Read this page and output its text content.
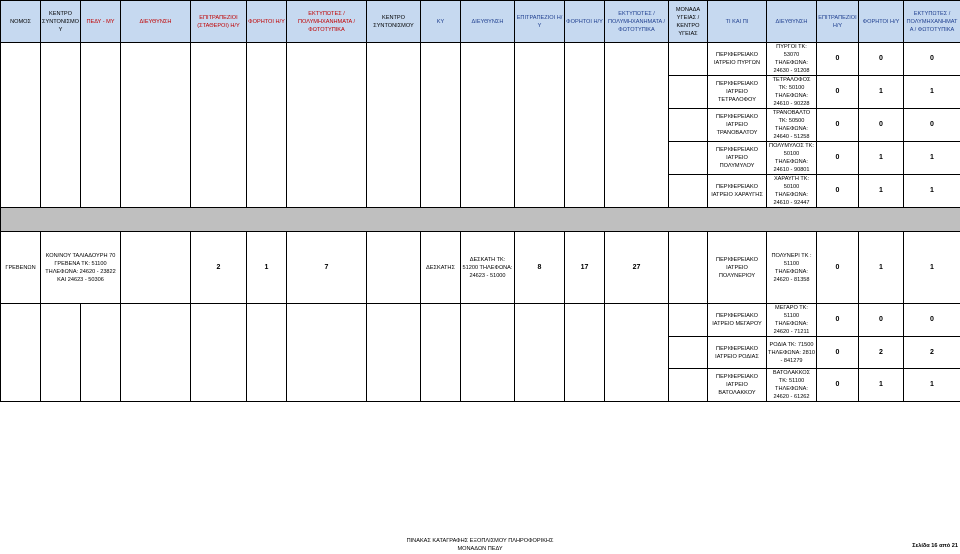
ΝΟΜΟΣ	ΚΕΝΤΡΟ ΣΥΝΤΟΝΙΣΜΟΥ	ΠΕΔΥ - ΜΥ	ΔΙΕΥΘΥΝΣΗ	ΕΠΙΤΡΑΠΕΖΙΟΙ (ΣΤΑΘΕΡΟΙ) Η/Υ	ΦΟΡΗΤΟΙ Η/Υ	ΕΚΤΥΠΩΤΕΣ / ΠΟΛΥΜΗΧΑΝΗΜΑΤΑ / ΦΩΤΟΤΥΠΙΚΑ	ΚΕΝΤΡΟ ΣΥΝΤΟΝΙΣΜΟΥ	ΚΥ	ΔΙΕΥΘΥΝΣΗ	ΕΠΙΤΡΑΠΕΖΙΟΙ Η/Υ	ΦΟΡΗΤΟΙ Η/Υ	ΕΚΤΥΠΩΤΕΣ / ΠΟΛΥΜΗΧΑΝΗΜΑΤΑ / ΦΩΤΟΤΥΠΙΚΑ	ΜΟΝΑΔΑ ΥΓΕΙΑΣ / ΚΕΝΤΡΟ ΥΓΕΙΑΣ	ΤΙ ΚΑΙ ΠΙ	ΔΙΕΥΘΥΝΣΗ	ΕΠΙΤΡΑΠΕΖΙΟΙ Η/Υ	ΦΟΡΗΤΟΙ Η/Υ	ΕΚΤΥΠΩΤΕΣ / ΠΟΛΥΜΗΧΑΝΗΜΑΤΑ / ΦΩΤΟΤΥΠΙΚΑ
														ΠΕΡΙΦΕΡΕΙΑΚΟ ΙΑΤΡΕΙΟ ΠΥΡΓΩΝ	ΠΥΡΓΟΙ ΤΚ: 53070 ΤΗΛΕΦΩΝΑ: 24630 - 91208	0	0	0
														ΠΕΡΙΦΕΡΕΙΑΚΟ ΙΑΤΡΕΙΟ ΤΕΤΡΑΛΟΦΟΥ	ΤΕΤΡΑΛΟΦΟΣ ΤΚ: 50100 ΤΗΛΕΦΩΝΑ: 24610 - 90228	0	1	1
														ΠΕΡΙΦΕΡΕΙΑΚΟ ΙΑΤΡΕΙΟ ΤΡΑΝΟΒΑΛΤΟΥ	ΤΡΑΝΟΒΑΛΤΟ ΤΚ: 50500 ΤΗΛΕΦΩΝΑ: 24640 - 51258	0	0	0
														ΠΕΡΙΦΕΡΕΙΑΚΟ ΙΑΤΡΕΙΟ ΠΟΛΥΜΥΛΟΥ	ΠΟΛΥΜΥΛΟΣ ΤΚ: 50100 ΤΗΛΕΦΩΝΑ: 24610 - 90801	0	1	1
														ΠΕΡΙΦΕΡΕΙΑΚΟ ΙΑΤΡΕΙΟ ΧΑΡΑΥΓΗΣ	ΧΑΡΑΥΓΗ ΤΚ: 50100 ΤΗΛΕΦΩΝΑ: 24610 - 92447	0	1	1

ΓΡΕΒΕΝΩΝ	ΚΟΝ/ΝΟΥ ΤΑΛΙΑΔΟΥΡΗ 70 ΓΡΕΒΕΝΑ ΤΚ: 51100 ΤΗΛΕΦΩΝΑ: 24620 - 23822 ΚΑΙ 24623 - 50306			2	1	7		ΔΕΣΚΑΤΗΣ	ΔΕΣΚΑΤΗ ΤΚ: 51200 ΤΗΛΕΦΩΝΑ: 24623 - 51000	8	17	27		ΠΕΡΙΦΕΡΕΙΑΚΟ ΙΑΤΡΕΙΟ ΠΟΛΥΝΕΡΙΟΥ	ΠΟΛΥΝΕΡΙ ΤΚ : 51100 ΤΗΛΕΦΩΝΑ: 24620 - 81358	0	1	1
														ΠΕΡΙΦΕΡΕΙΑΚΟ ΙΑΤΡΕΙΟ ΜΕΓΑΡΟΥ	ΜΕΓΑΡΟ ΤΚ: 51100 ΤΗΛΕΦΩΝΑ: 24620 - 71211	0	0	0
														ΠΕΡΙΦΕΡΕΙΑΚΟ ΙΑΤΡΕΙΟ ΡΟΔΙΑΣ	ΡΟΔΙΑ ΤΚ: 71500 ΤΗΛΕΦΩΝΑ: 2810 - 841279	0	2	2
														ΠΕΡΙΦΕΡΕΙΑΚΟ ΙΑΤΡΕΙΟ ΒΑΤΟΛΑΚΚΟΥ	ΒΑΤΟΛΑΚΚΟΣ ΤΚ: 51100 ΤΗΛΕΦΩΝΑ: 24620 - 61262	0	1	1
ΠΙΝΑΚΑΣ ΚΑΤΑΓΡΑΦΗΣ ΕΞΟΠΛΙΣΜΟΥ ΠΛΗΡΟΦΟΡΙΚΗΣ
ΜΟΝΑΔΩΝ ΠΕΔΥ	Σελίδα 16 από 21
